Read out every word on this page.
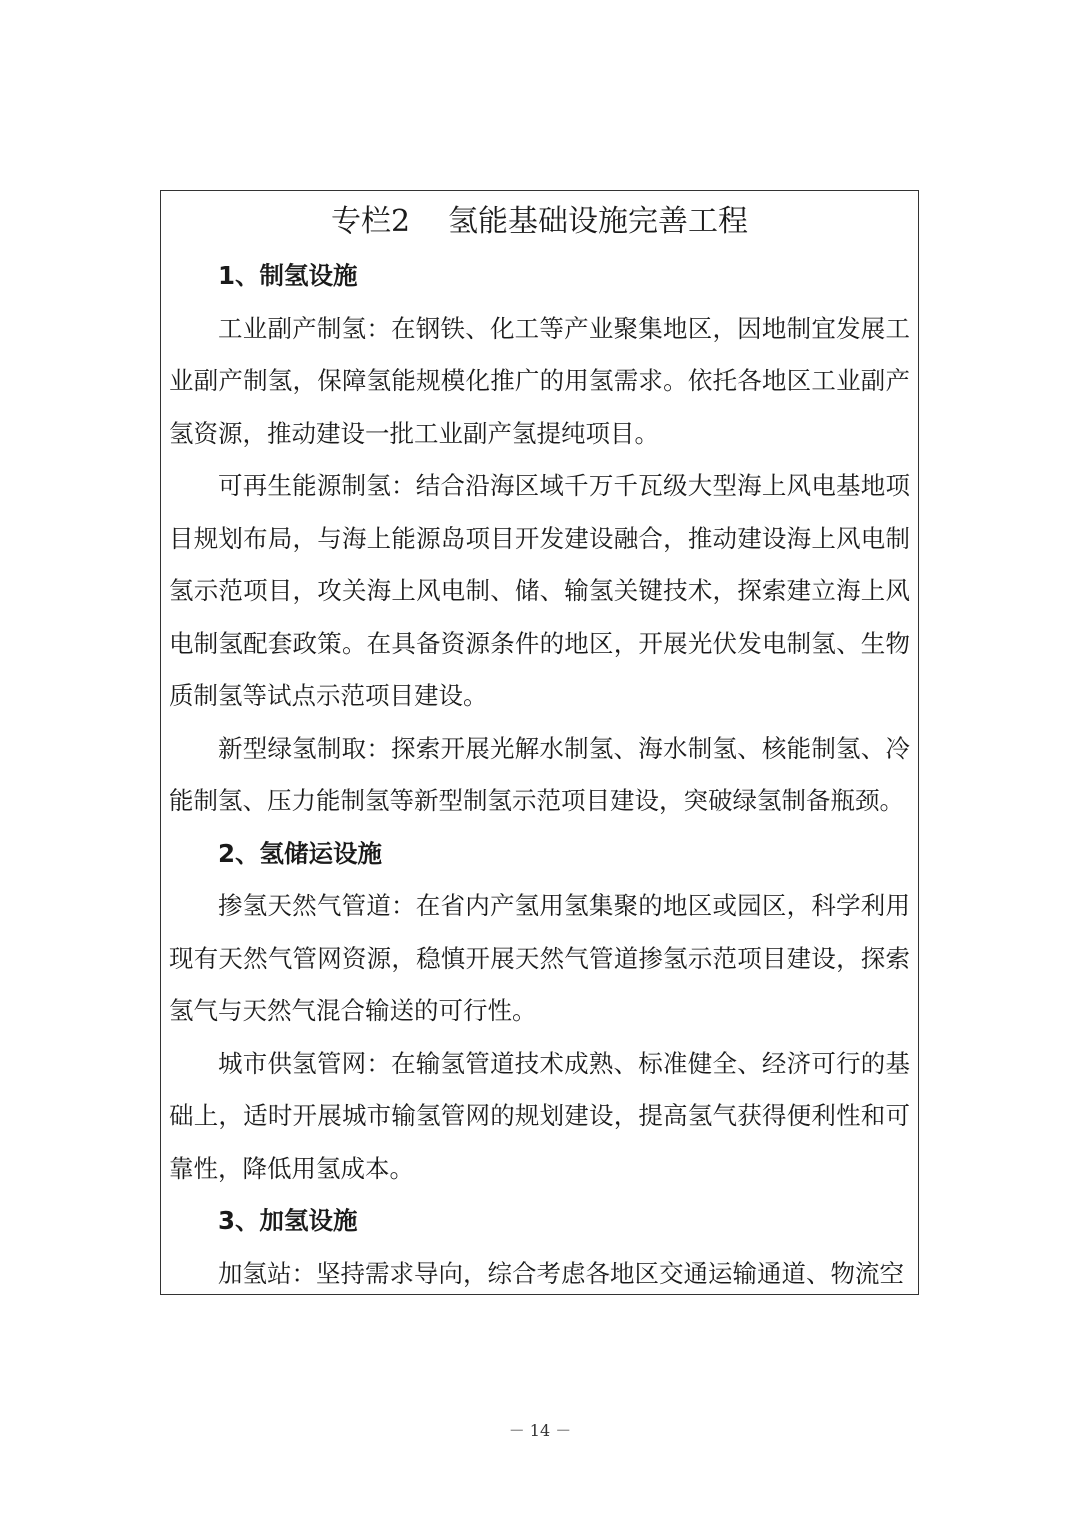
专栏2 氢能基础设施完善工程
1、制氢设施

工业副产制氢：在钢铁、化工等产业聚集地区，因地制宜发展工业副产制氢，保障氢能规模化推广的用氢需求。依托各地区工业副产氢资源，推动建设一批工业副产氢提纯项目。

可再生能源制氢：结合沿海区域千万千瓦级大型海上风电基地项目规划布局，与海上能源岛项目开发建设融合，推动建设海上风电制氢示范项目，攻关海上风电制、储、输氢关键技术，探索建立海上风电制氢配套政策。在具备资源条件的地区，开展光伏发电制氢、生物质制氢等试点示范项目建设。

新型绿氢制取：探索开展光解水制氢、海水制氢、核能制氢、冷能制氢、压力能制氢等新型制氢示范项目建设，突破绿氢制备瓶颈。

2、氢储运设施

掺氢天然气管道：在省内产氢用氢集聚的地区或园区，科学利用现有天然气管网资源，稳慎开展天然气管道掺氢示范项目建设，探索氢气与天然气混合输送的可行性。

城市供氢管网：在输氢管道技术成熟、标准健全、经济可行的基础上，适时开展城市输氢管网的规划建设，提高氢气获得便利性和可靠性，降低用氢成本。

3、加氢设施

加氢站：坚持需求导向，综合考虑各地区交通运输通道、物流空

－ 14 －
